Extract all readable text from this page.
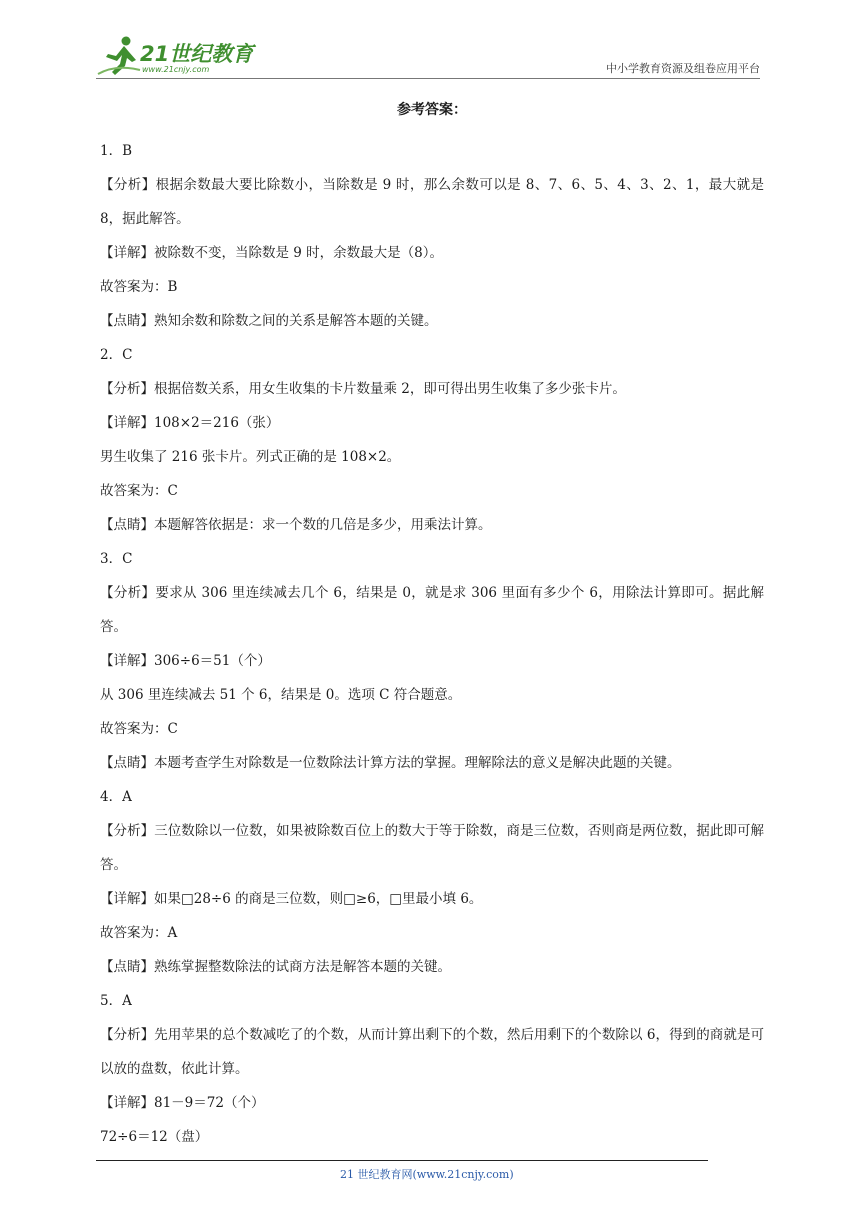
21世纪教育
www.21cnjy.com	中小学教育资源及组卷应用平台
参考答案：
1．B
【分析】根据余数最大要比除数小，当除数是 9 时，那么余数可以是 8、7、6、5、4、3、2、1，最大就是 8，据此解答。
【详解】被除数不变，当除数是 9 时，余数最大是（8）。
故答案为：B
【点睛】熟知余数和除数之间的关系是解答本题的关键。
2．C
【分析】根据倍数关系，用女生收集的卡片数量乘 2，即可得出男生收集了多少张卡片。
【详解】108×2＝216（张）
男生收集了 216 张卡片。列式正确的是 108×2。
故答案为：C
【点睛】本题解答依据是：求一个数的几倍是多少，用乘法计算。
3．C
【分析】要求从 306 里连续减去几个 6，结果是 0，就是求 306 里面有多少个 6，用除法计算即可。据此解答。
【详解】306÷6＝51（个）
从 306 里连续减去 51 个 6，结果是 0。选项 C 符合题意。
故答案为：C
【点睛】本题考查学生对除数是一位数除法计算方法的掌握。理解除法的意义是解决此题的关键。
4．A
【分析】三位数除以一位数，如果被除数百位上的数大于等于除数，商是三位数，否则商是两位数，据此即可解答。
【详解】如果□28÷6 的商是三位数，则□≥6，□里最小填 6。
故答案为：A
【点睛】熟练掌握整数除法的试商方法是解答本题的关键。
5．A
【分析】先用苹果的总个数减吃了的个数，从而计算出剩下的个数，然后用剩下的个数除以 6，得到的商就是可以放的盘数，依此计算。
【详解】81－9＝72（个）
72÷6＝12（盘）
21 世纪教育网(www.21cnjy.com)
